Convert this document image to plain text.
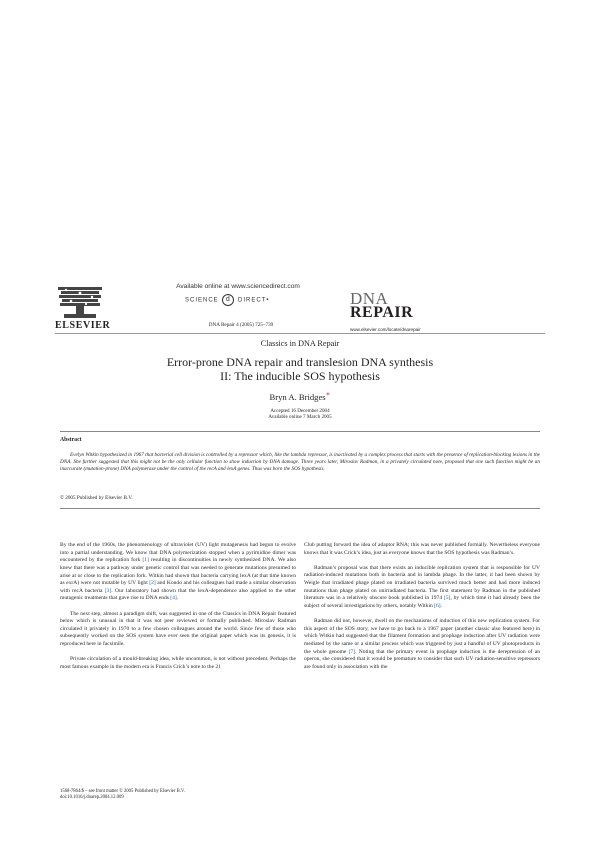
ELSEVIER
Available online at www.sciencedirect.com
SCIENCE d DIRECT•
DNA Repair 4 (2005) 725–739
DNA
REPAIR
www.elsevier.com/locate/dnarepair
Classics in DNA Repair
Error-prone DNA repair and translesion DNA synthesis
II: The inducible SOS hypothesis
Bryn A. Bridges∗
Accepted 16 December 2004
Available online 7 March 2005
Abstract
Evelyn Witkin hypothesized in 1967 that bacterial cell division is controlled by a repressor which, like the lambda repressor, is inactivated by a complex process that starts with the presence of replication-blocking lesions in the DNA. She further suggested that this might not be the only cellular function to show induction by DNA damage. Three years later, Miroslav Radman, in a privately circulated note, proposed that one such function might be an inaccurate (mutation-prone) DNA polymerase under the control of the recA and lexA genes. Thus was born the SOS hypothesis.
© 2005 Published by Elsevier B.V.

By the end of the 1960s, the phenomenology of ultraviolet (UV) light mutagenesis had begun to evolve into a partial understanding. We know that DNA polymerization stopped when a pyrimidine dimer was encountered by the replication fork [1] resulting in discontinuities in newly synthesized DNA. We also knew that there was a pathway under genetic control that was needed to generate mutations presumed to arise at or close to the replication fork. Witkin had shown that bacteria carrying lexA (at that time known as exrA) were not mutable by UV light [2] and Kondo and his colleagues had made a similar observation with recA bacteria [3]. Our laboratory had shown that the lexA-dependence also applied to the other mutagenic treatments that gave rise to DNA ends [4].

The next step, almost a paradigm shift, was suggested in one of the Classics in DNA Repair featured below which is unusual in that it was not peer reviewed or formally published. Miroslav Radman circulated it privately in 1970 to a few chosen colleagues around the world. Since few of those who subsequently worked on the SOS system have ever seen the original paper which was its genesis, it is reproduced here in facsimile.

Private circulation of a mould-breaking idea, while uncommon, is not without precedent. Perhaps the most famous example in the modern era is Francis Crick’s note to the 21

Club putting forward the idea of adaptor RNA; this was never published formally. Nevertheless everyone knows that it was Crick’s idea, just as everyone knows that the SOS hypothesis was Radman’s.

Radman’s proposal was that there exists an inducible replication system that is responsible for UV radiation-induced mutations both in bacteria and in lambda phage. In the latter, it had been shown by Weigle that irradiated phage plated on irradiated bacteria survived much better and had more induced mutations than phage plated on unirradiated bacteria. The first statement by Radman in the published literature was in a relatively obscure book published in 1974 [5], by which time it had already been the subject of several investigations by others, notably Witkin [6].

Radman did not, however, dwell on the mechanisms of induction of this new replication system. For this aspect of the SOS story, we have to go back to a 1967 paper (another classic also featured here) in which Witkin had suggested that the filament formation and prophage induction after UV radiation were mediated by the same or a similar process which was triggered by just a handful of UV photoproducts in the whole genome [7]. Noting that the primary event in prophage induction is the derepression of an operon, she considered that it would be premature to consider that such UV radiation-sensitive repressors are found only in association with the

1568-7864/$ – see front matter © 2005 Published by Elsevier B.V.
doi:10.1016/j.dnarep.2004.12.009
